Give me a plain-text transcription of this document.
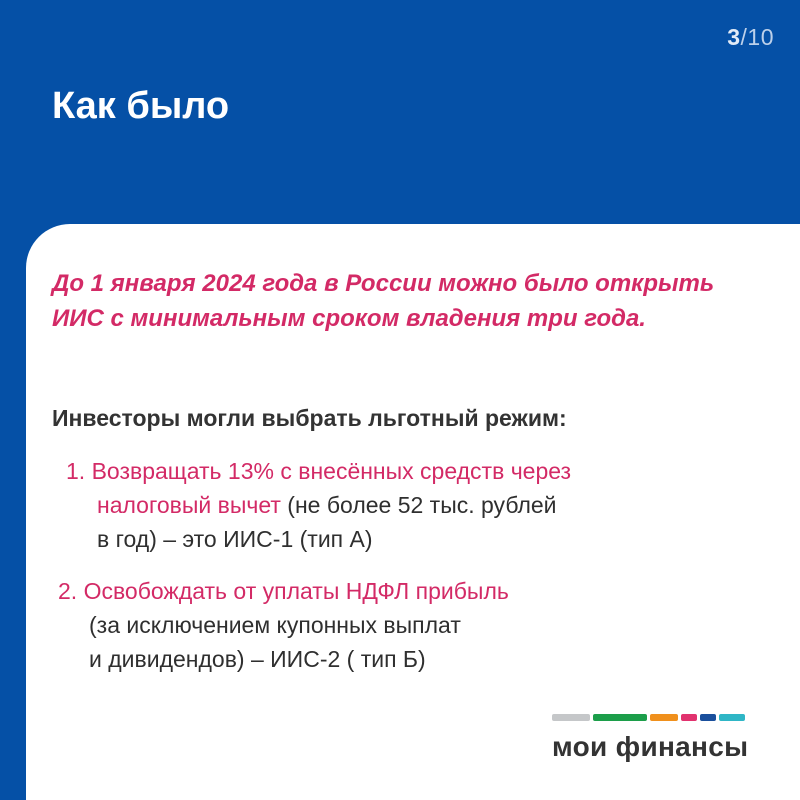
3/10
Как было

До 1 января 2024 года в России можно было открыть ИИС с минимальным сроком владения три года.

Инвесторы могли выбрать льготный режим:

1. Возвращать 13% с внесённых средств через
налоговый вычет (не более 52 тыс. рублей
в год) – это ИИС-1 (тип А)
2. Освобождать от уплаты НДФЛ прибыль
(за исключением купонных выплат
и дивидендов) – ИИС-2 ( тип Б)

мои финансы
